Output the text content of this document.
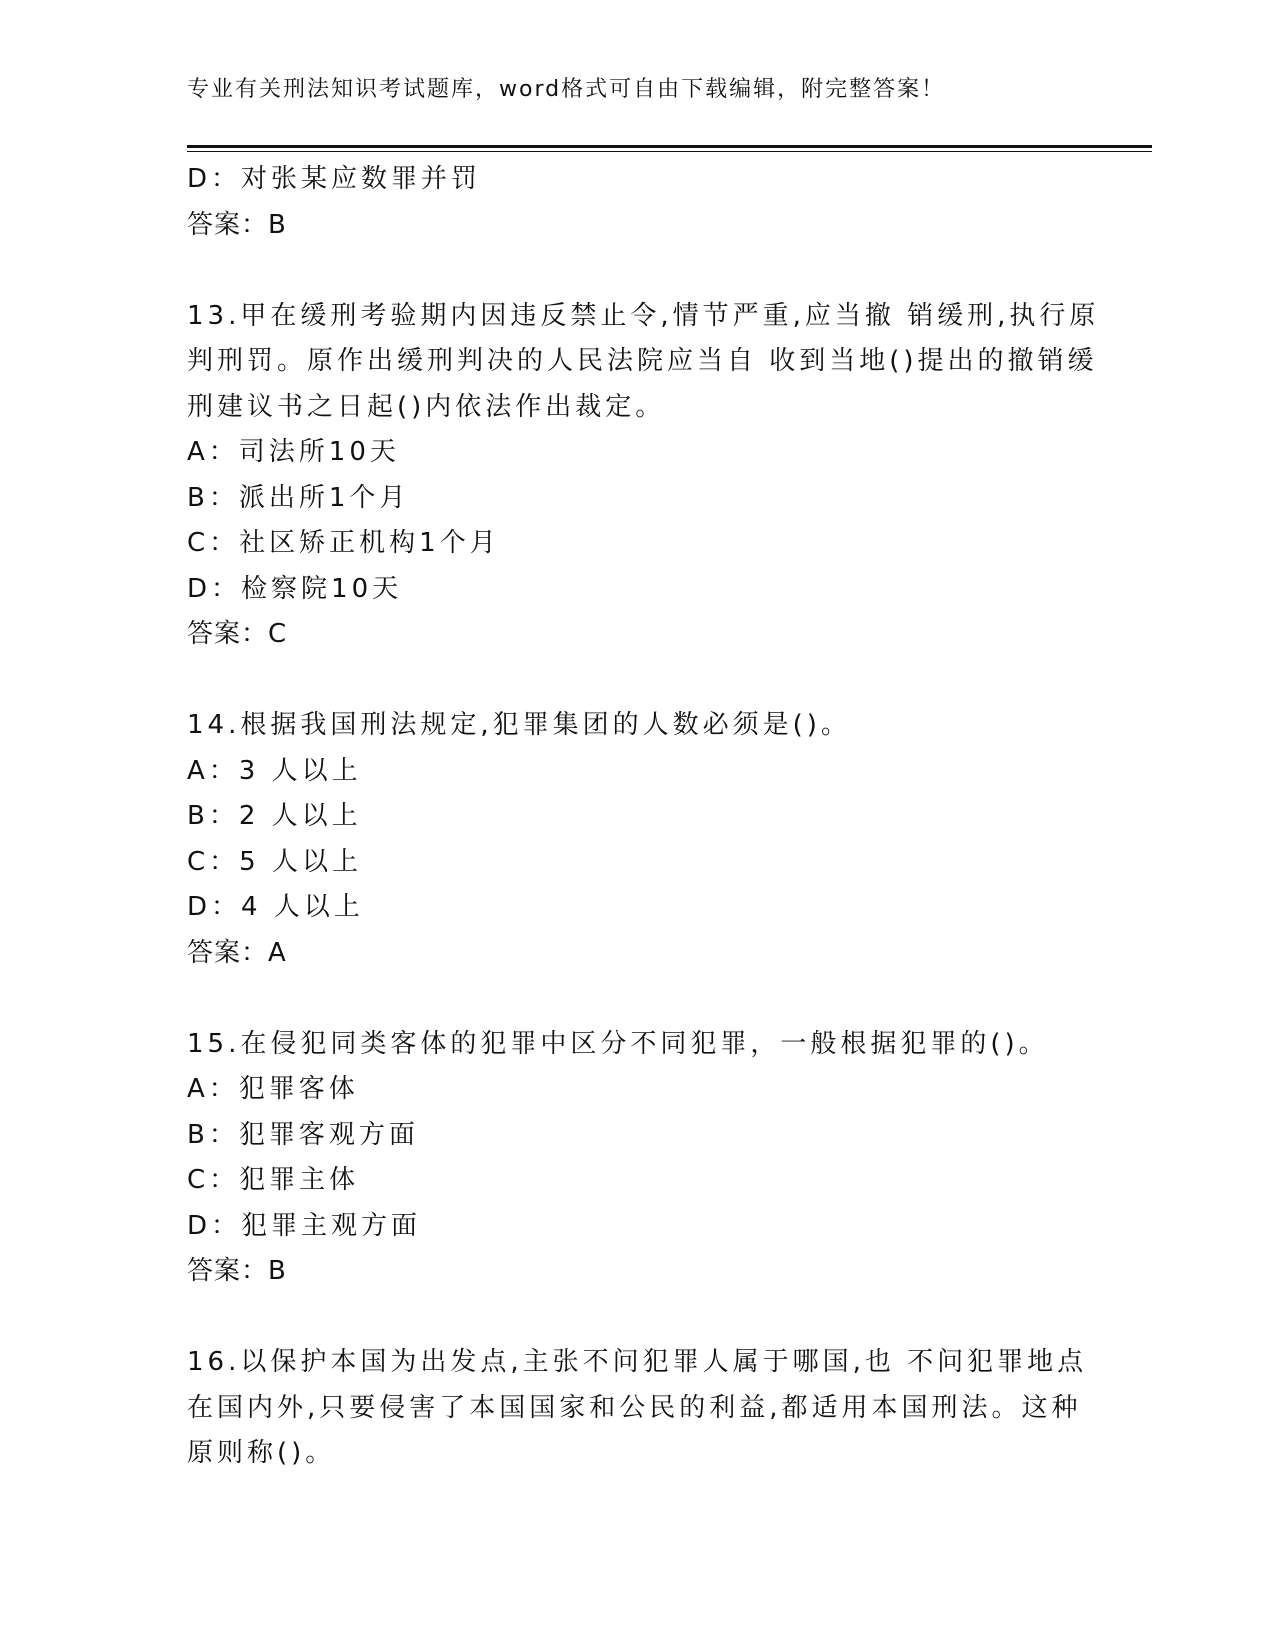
专业有关刑法知识考试题库，word格式可自由下载编辑，附完整答案！
D：对张某应数罪并罚
答案：B
13.甲在缓刑考验期内因违反禁止令,情节严重,应当撤 销缓刑,执行原
判刑罚。原作出缓刑判决的人民法院应当自 收到当地()提出的撤销缓
刑建议书之日起()内依法作出裁定。
A：司法所10天
B：派出所1个月
C：社区矫正机构1个月
D：检察院10天
答案：C
14.根据我国刑法规定,犯罪集团的人数必须是()。
A：3 人以上
B：2 人以上
C：5 人以上
D：4 人以上
答案：A
15.在侵犯同类客体的犯罪中区分不同犯罪，一般根据犯罪的()。
A：犯罪客体
B：犯罪客观方面
C：犯罪主体
D：犯罪主观方面
答案：B
16.以保护本国为出发点,主张不问犯罪人属于哪国,也 不问犯罪地点
在国内外,只要侵害了本国国家和公民的利益,都适用本国刑法。这种
原则称()。
